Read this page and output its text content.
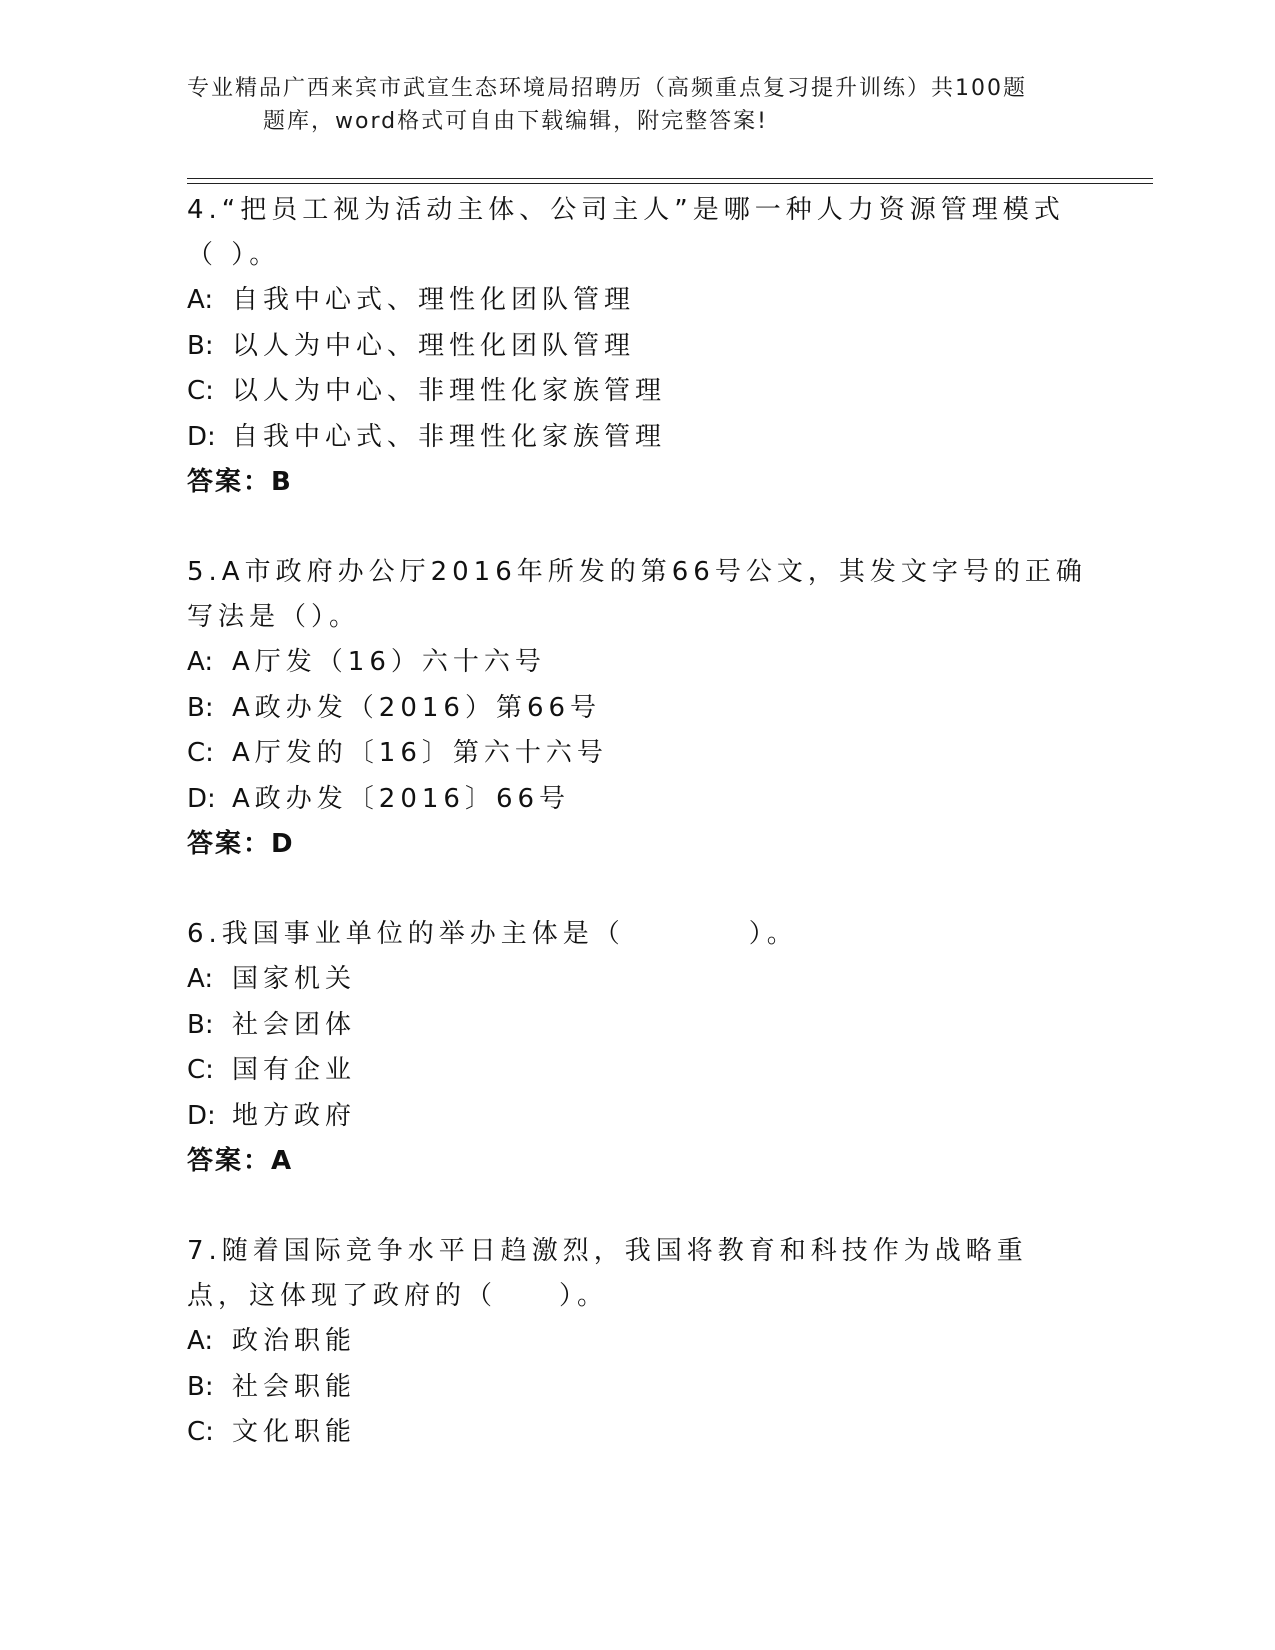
专业精品广西来宾市武宣生态环境局招聘历（高频重点复习提升训练）共100题
题库，word格式可自由下载编辑，附完整答案!

4.“把员工视为活动主体、公司主人”是哪一种人力资源管理模式（ ）。

A: 自我中心式、理性化团队管理

B: 以人为中心、理性化团队管理

C: 以人为中心、非理性化家族管理

D: 自我中心式、非理性化家族管理

答案：B

5.A市政府办公厅2016年所发的第66号公文，其发文字号的正确写法是（）。

A: A厅发（16）六十六号

B: A政办发（2016）第66号

C: A厅发的〔16〕第六十六号

D: A政办发〔2016〕66号

答案：D

6.我国事业单位的举办主体是（　　　　）。

A: 国家机关

B: 社会团体

C: 国有企业

D: 地方政府

答案：A

7.随着国际竞争水平日趋激烈，我国将教育和科技作为战略重点，这体现了政府的（　　）。

A: 政治职能

B: 社会职能

C: 文化职能
